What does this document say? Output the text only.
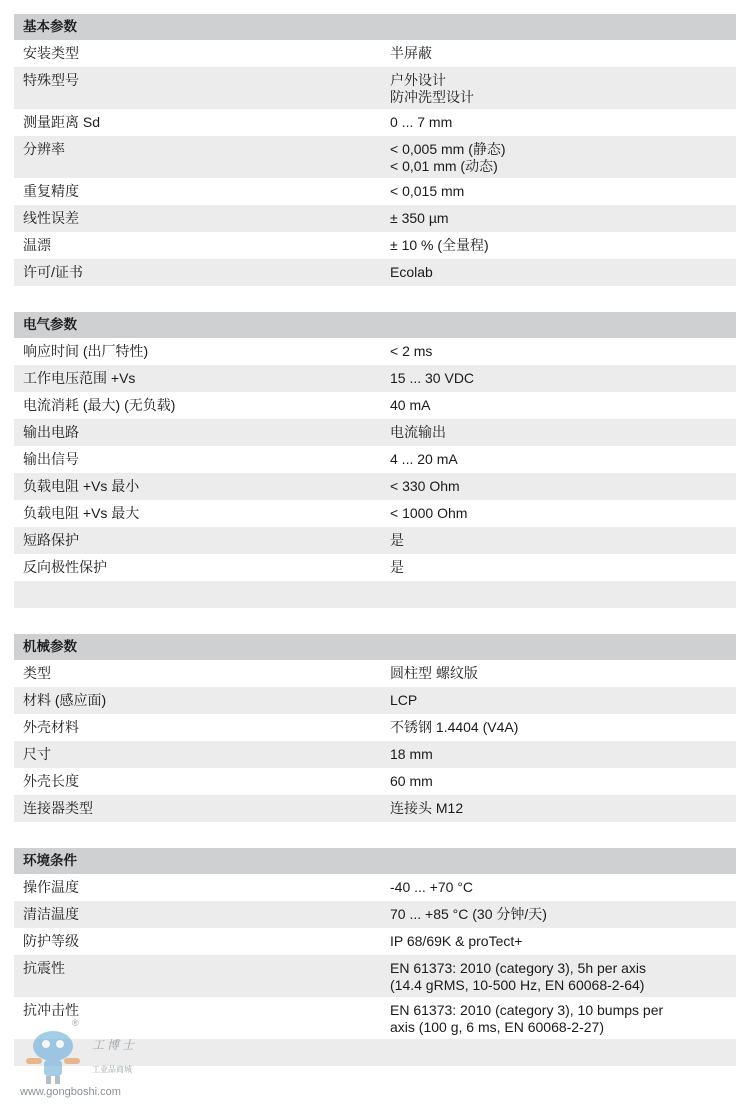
基本参数
安装类型	半屏蔽
特殊型号	户外设计
防冲洗型设计
测量距离 Sd	0 ... 7 mm
分辨率	< 0,005 mm (静态)
< 0,01 mm (动态)
重复精度	< 0,015 mm
线性误差	± 350 µm
温漂	± 10 % (全量程)
许可/证书	Ecolab
电气参数
响应时间 (出厂特性)	< 2 ms
工作电压范围 +Vs	15 ... 30 VDC
电流消耗 (最大) (无负载)	40 mA
输出电路	电流输出
输出信号	4 ... 20 mA
负载电阻 +Vs 最小	< 330 Ohm
负载电阻 +Vs 最大	< 1000 Ohm
短路保护	是
反向极性保护	是
机械参数
类型	圆柱型 螺纹版
材料 (感应面)	LCP
外壳材料	不锈钢 1.4404 (V4A)
尺寸	18 mm
外壳长度	60 mm
连接器类型	连接头 M12
环境条件
操作温度	-40 ... +70 °C
清洁温度	70 ... +85 °C (30 分钟/天)
防护等级	IP 68/69K & proTect+
抗震性	EN 61373: 2010 (category 3), 5h per axis
(14.4 gRMS, 10-500 Hz, EN 60068-2-64)
抗冲击性	EN 61373: 2010 (category 3), 10 bumps per
axis (100 g, 6 ms, EN 60068-2-27)
®
工博士
工业品商城
www.gongboshi.com
